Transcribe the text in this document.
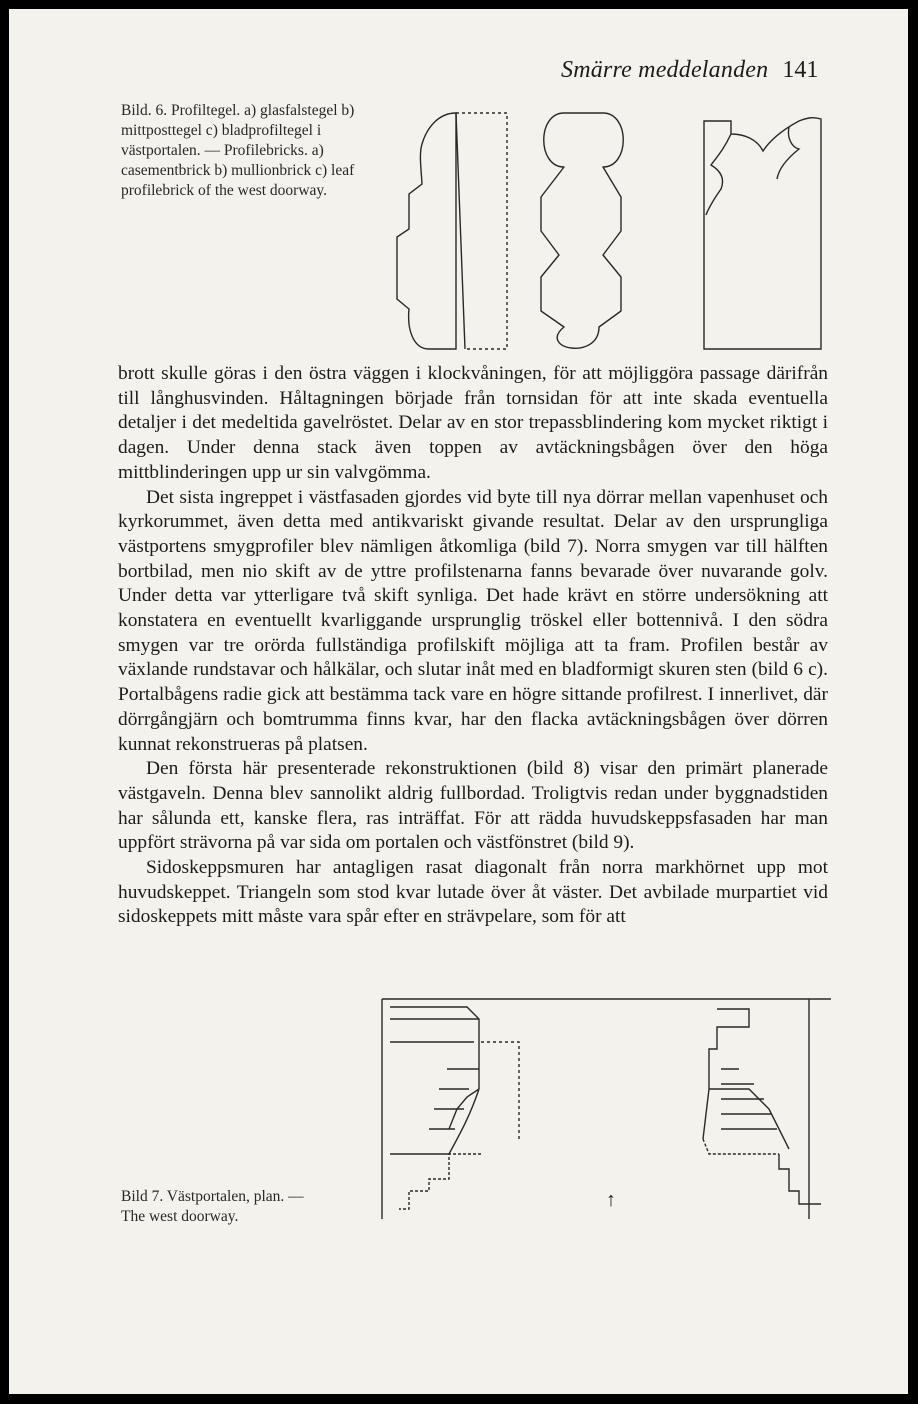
Smärre meddelanden 141
Bild. 6. Profiltegel. a) glasfalstegel b) mittposttegel c) bladprofiltegel i västportalen. — Profilebricks. a) casementbrick b) mullionbrick c) leaf profilebrick of the west doorway.

brott skulle göras i den östra väggen i klockvåningen, för att möjliggöra passage därifrån till långhusvinden. Håltagningen började från tornsidan för att inte skada eventuella detaljer i det medeltida gavelröstet. Delar av en stor trepassblindering kom mycket riktigt i dagen. Under denna stack även toppen av avtäckningsbågen över den höga mittblinderingen upp ur sin valvgömma.

Det sista ingreppet i västfasaden gjordes vid byte till nya dörrar mellan vapenhuset och kyrkorummet, även detta med antikvariskt givande resultat. Delar av den ursprungliga västportens smygprofiler blev nämligen åtkomliga (bild 7). Norra smygen var till hälften bortbilad, men nio skift av de yttre profilstenarna fanns bevarade över nuvarande golv. Under detta var ytterligare två skift synliga. Det hade krävt en större undersökning att konstatera en eventuellt kvarliggande ursprunglig tröskel eller bottennivå. I den södra smygen var tre orörda fullständiga profilskift möjliga att ta fram. Profilen består av växlande rundstavar och hålkälar, och slutar inåt med en bladformigt skuren sten (bild 6 c). Portalbågens radie gick att bestämma tack vare en högre sittande profilrest. I innerlivet, där dörrgångjärn och bomtrumma finns kvar, har den flacka avtäckningsbågen över dörren kunnat rekonstrueras på platsen.

Den första här presenterade rekonstruktionen (bild 8) visar den primärt planerade västgaveln. Denna blev sannolikt aldrig fullbordad. Troligtvis redan under byggnadstiden har sålunda ett, kanske flera, ras inträffat. För att rädda huvudskeppsfasaden har man uppfört strävorna på var sida om portalen och västfönstret (bild 9).

Sidoskeppsmuren har antagligen rasat diagonalt från norra markhörnet upp mot huvudskeppet. Triangeln som stod kvar lutade över åt väster. Det avbilade murpartiet vid sidoskeppets mitt måste vara spår efter en strävpelare, som för att

↑
Bild 7. Västportalen, plan. —
The west doorway.
